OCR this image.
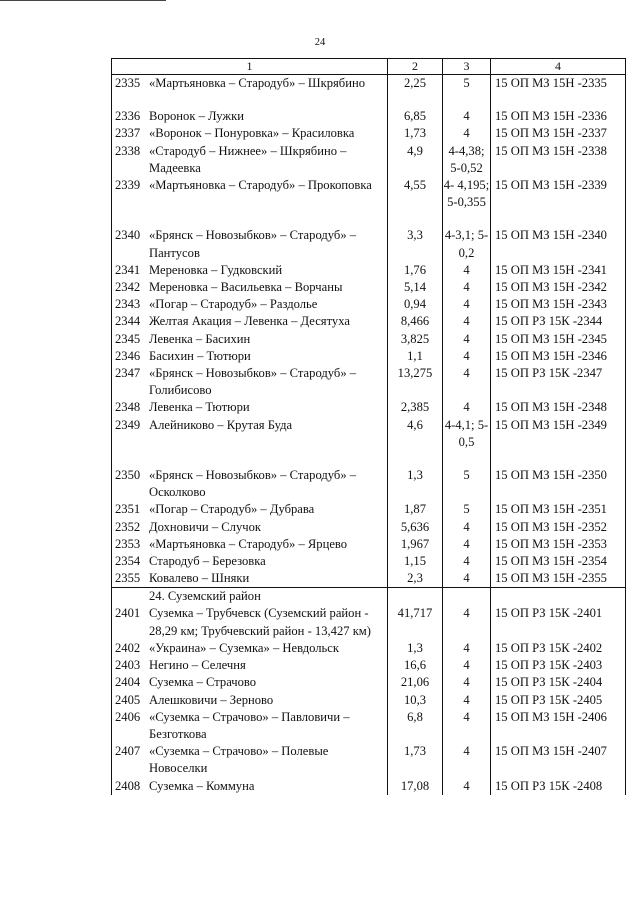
24
1	2	3	4

2335 «Мартьяновка – Стародуб» – Шкрябино	2,25	5	15 ОП МЗ 15Н -2335

2336 Воронок – Лужки	6,85	4	15 ОП МЗ 15Н -2336

2337 «Воронок – Понуровка» – Красиловка	1,73	4	15 ОП МЗ 15Н -2337

2338 «Стародуб – Нижнее» – Шкрябино – Мадеевка	4,9	4-4,38; 5-0,52	15 ОП МЗ 15Н -2338

2339 «Мартьяновка – Стародуб» – Прокоповка	4,55	4- 4,195; 5-0,355	15 ОП МЗ 15Н -2339

2340 «Брянск – Новозыбков» – Стародуб» – Пантусов	3,3	4-3,1; 5-0,2	15 ОП МЗ 15Н -2340

2341 Мереновка – Гудковский	1,76	4	15 ОП МЗ 15Н -2341

2342 Мереновка – Васильевка – Ворчаны	5,14	4	15 ОП МЗ 15Н -2342

2343 «Погар – Стародуб» – Раздолье	0,94	4	15 ОП МЗ 15Н -2343

2344 Желтая Акация – Левенка – Десятуха	8,466	4	15 ОП РЗ 15К -2344

2345 Левенка – Басихин	3,825	4	15 ОП МЗ 15Н -2345

2346 Басихин – Тютюри	1,1	4	15 ОП МЗ 15Н -2346

2347 «Брянск – Новозыбков» – Стародуб» – Голибисово	13,275	4	15 ОП РЗ 15К -2347

2348 Левенка – Тютюри	2,385	4	15 ОП МЗ 15Н -2348

2349 Алейниково – Крутая Буда	4,6	4-4,1; 5-0,5	15 ОП МЗ 15Н -2349

2350 «Брянск – Новозыбков» – Стародуб» – Осколково	1,3	5	15 ОП МЗ 15Н -2350

2351 «Погар – Стародуб» – Дубрава	1,87	5	15 ОП МЗ 15Н -2351

2352 Дохновичи – Случок	5,636	4	15 ОП МЗ 15Н -2352

2353 «Мартьяновка – Стародуб» – Ярцево	1,967	4	15 ОП МЗ 15Н -2353

2354 Стародуб – Березовка	1,15	4	15 ОП МЗ 15Н -2354

2355 Ковалево – Шняки	2,3	4	15 ОП МЗ 15Н -2355
24. Суземский район			

2401 Суземка – Трубчевск (Суземский район - 28,29 км; Трубчевский район - 13,427 км)	41,717	4	15 ОП РЗ 15К -2401

2402 «Украина» – Суземка» – Невдольск	1,3	4	15 ОП РЗ 15К -2402

2403 Негино – Селечня	16,6	4	15 ОП РЗ 15К -2403

2404 Суземка – Страчово	21,06	4	15 ОП РЗ 15К -2404

2405 Алешковичи – Зерново	10,3	4	15 ОП РЗ 15К -2405

2406 «Суземка – Страчово» – Павловичи – Безготкова	6,8	4	15 ОП МЗ 15Н -2406

2407 «Суземка – Страчово» – Полевые Новоселки	1,73	4	15 ОП МЗ 15Н -2407

2408 Суземка – Коммуна	17,08	4	15 ОП РЗ 15К -2408
